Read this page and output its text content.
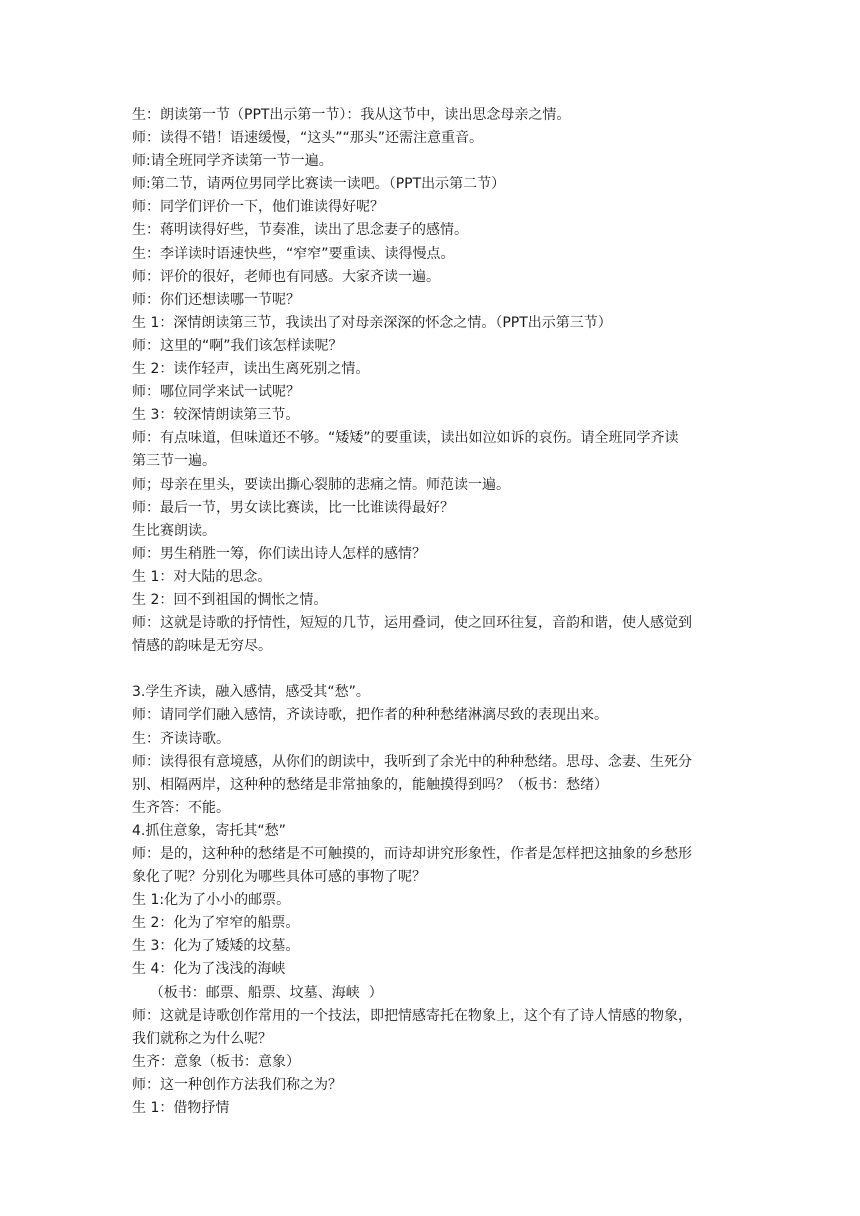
生：朗读第一节（PPT出示第一节）：我从这节中，读出思念母亲之情。
师：读得不错！语速缓慢，“这头”“那头”还需注意重音。
师:请全班同学齐读第一节一遍。
师:第二节，请两位男同学比赛读一读吧。（PPT出示第二节）
师：同学们评价一下，他们谁读得好呢？
生：蒋明读得好些，节奏准，读出了思念妻子的感情。
生：李详读时语速快些，“窄窄”要重读、读得慢点。
师：评价的很好，老师也有同感。大家齐读一遍。
师：你们还想读哪一节呢？
生 1：深情朗读第三节，我读出了对母亲深深的怀念之情。（PPT出示第三节）
师：这里的“啊”我们该怎样读呢？
生 2：读作轻声，读出生离死别之情。
师：哪位同学来试一试呢？
生 3：较深情朗读第三节。
师：有点味道，但味道还不够。“矮矮”的要重读，读出如泣如诉的哀伤。请全班同学齐读
第三节一遍。
师；母亲在里头，要读出撕心裂肺的悲痛之情。师范读一遍。
师：最后一节，男女读比赛读，比一比谁读得最好？
生比赛朗读。
师：男生稍胜一筹，你们读出诗人怎样的感情？
生 1：对大陆的思念。
生 2：回不到祖国的惆怅之情。
师：这就是诗歌的抒情性，短短的几节，运用叠词，使之回环往复，音韵和谐，使人感觉到
情感的韵味是无穷尽。
3.学生齐读，融入感情，感受其“愁”。
师：请同学们融入感情，齐读诗歌，把作者的种种愁绪淋漓尽致的表现出来。
生：齐读诗歌。
师：读得很有意境感，从你们的朗读中，我听到了余光中的种种愁绪。思母、念妻、生死分
别、相隔两岸，这种种的愁绪是非常抽象的，能触摸得到吗？（板书：愁绪）
生齐答：不能。
4.抓住意象，寄托其“愁”
师：是的，这种种的愁绪是不可触摸的，而诗却讲究形象性，作者是怎样把这抽象的乡愁形
象化了呢？分别化为哪些具体可感的事物了呢？
生 1:化为了小小的邮票。
生 2：化为了窄窄的船票。
生 3：化为了矮矮的坟墓。
生 4：化为了浅浅的海峡
（板书：邮票、船票、坟墓、海峡  ）
师：这就是诗歌创作常用的一个技法，即把情感寄托在物象上，这个有了诗人情感的物象，
我们就称之为什么呢？
生齐：意象（板书：意象）
师：这一种创作方法我们称之为？
生 1：借物抒情
